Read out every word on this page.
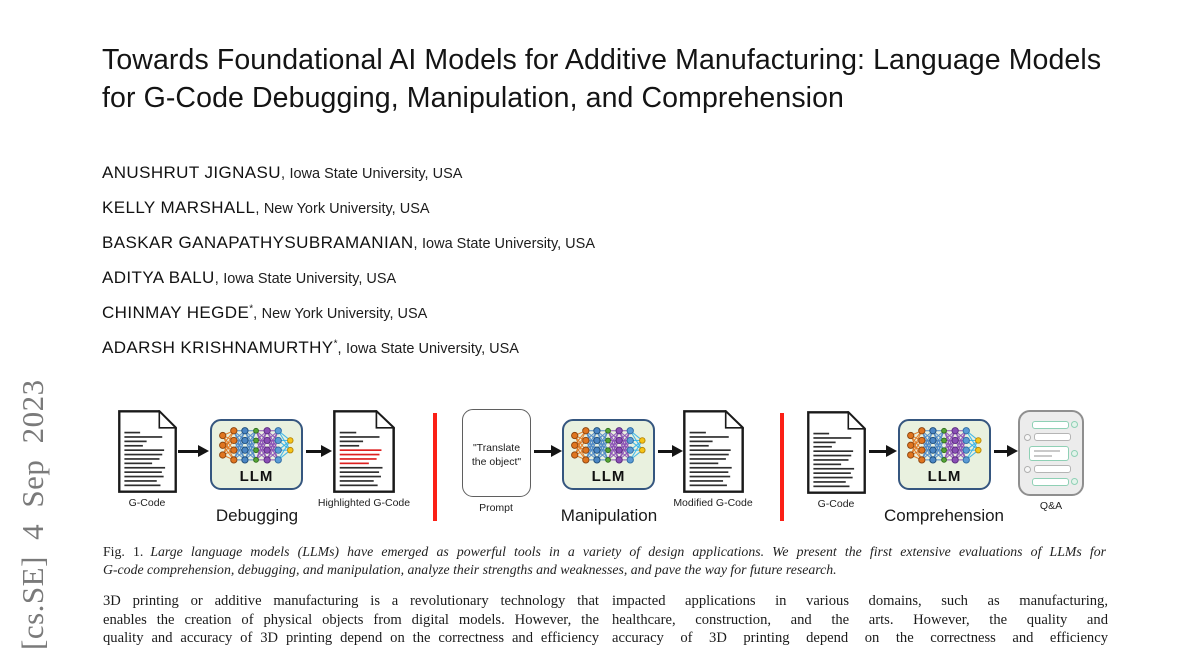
[cs.SE] 4 Sep 2023
Towards Foundational AI Models for Additive Manufacturing: Language Models for G-Code Debugging, Manipulation, and Comprehension
ANUSHRUT JIGNASU, Iowa State University, USA
KELLY MARSHALL, New York University, USA
BASKAR GANAPATHYSUBRAMANIAN, Iowa State University, USA
ADITYA BALU, Iowa State University, USA
CHINMAY HEGDE*, New York University, USA
ADARSH KRISHNAMURTHY*, Iowa State University, USA
LLM
G-Code
Debugging
Highlighted G-Code
"Translate
the object"
Prompt
LLM
Modified G-Code
Manipulation
G-Code
LLM
Q&A
Comprehension
Fig. 1. Large language models (LLMs) have emerged as powerful tools in a variety of design applications. We present the first extensive evaluations of LLMs for
G-code comprehension, debugging, and manipulation, analyze their strengths and weaknesses, and pave the way for future research.
3D printing or additive manufacturing is a revolutionary technology that
enables the creation of physical objects from digital models. However, the
quality and accuracy of 3D printing depend on the correctness and efficiency
impacted applications in various domains, such as manufacturing,
healthcare, construction, and the arts. However, the quality and
accuracy of 3D printing depend on the correctness and efficiency
